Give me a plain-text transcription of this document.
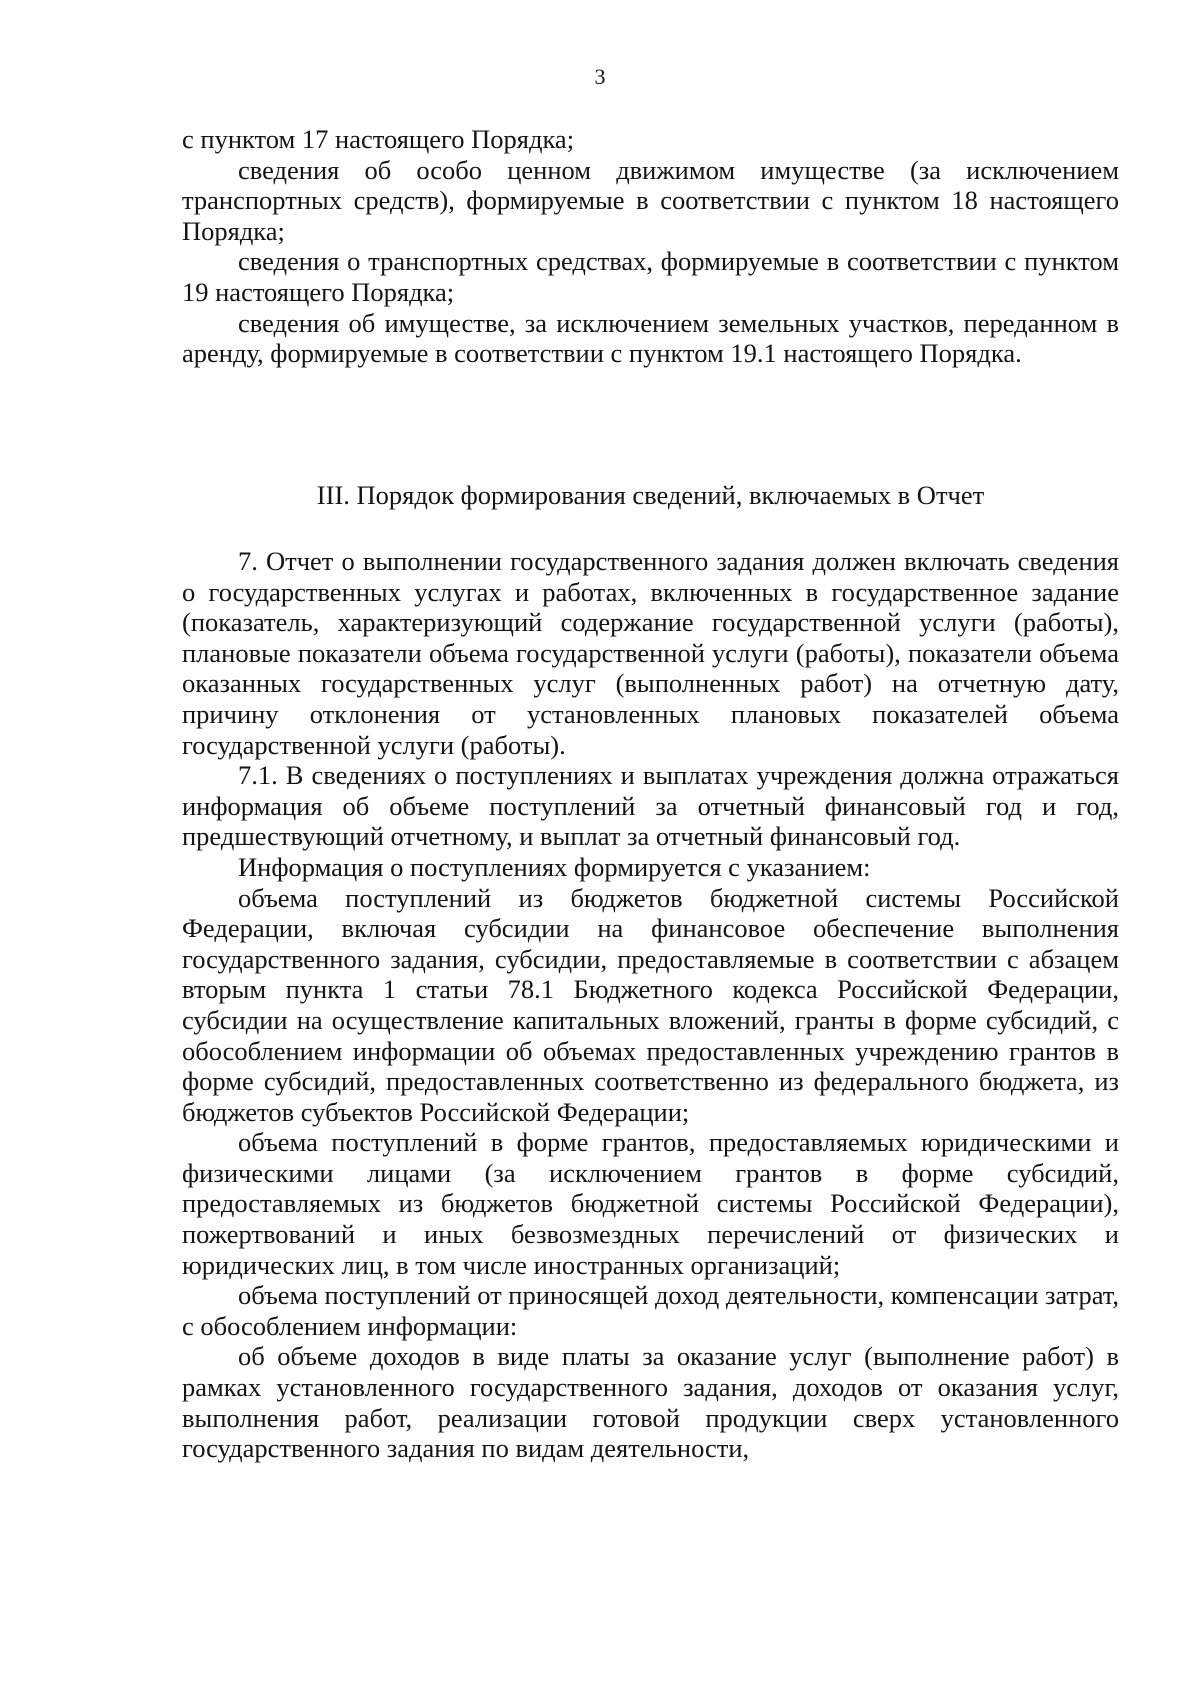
3

с пунктом 17 настоящего Порядка;

сведения об особо ценном движимом имуществе (за исключением транспортных средств), формируемые в соответствии с пунктом 18 настоящего Порядка;

сведения о транспортных средствах, формируемые в соответствии с пунктом 19 настоящего Порядка;

сведения об имуществе, за исключением земельных участков, переданном в аренду, формируемые в соответствии с пунктом 19.1 настоящего Порядка.

III. Порядок формирования сведений, включаемых в Отчет

7. Отчет о выполнении государственного задания должен включать сведения о государственных услугах и работах, включенных в государственное задание (показатель, характеризующий содержание государственной услуги (работы), плановые показатели объема государственной услуги (работы), показатели объема оказанных государственных услуг (выполненных работ) на отчетную дату, причину отклонения от установленных плановых показателей объема государственной услуги (работы).

7.1. В сведениях о поступлениях и выплатах учреждения должна отражаться информация об объеме поступлений за отчетный финансовый год и год, предшествующий отчетному, и выплат за отчетный финансовый год.

Информация о поступлениях формируется с указанием:

объема поступлений из бюджетов бюджетной системы Российской Федерации, включая субсидии на финансовое обеспечение выполнения государственного задания, субсидии, предоставляемые в соответствии с абзацем вторым пункта 1 статьи 78.1 Бюджетного кодекса Российской Федерации, субсидии на осуществление капитальных вложений, гранты в форме субсидий, с обособлением информации об объемах предоставленных учреждению грантов в форме субсидий, предоставленных соответственно из федерального бюджета, из бюджетов субъектов Российской Федерации;

объема поступлений в форме грантов, предоставляемых юридическими и физическими лицами (за исключением грантов в форме субсидий, предоставляемых из бюджетов бюджетной системы Российской Федерации), пожертвований и иных безвозмездных перечислений от физических и юридических лиц, в том числе иностранных организаций;

объема поступлений от приносящей доход деятельности, компенсации затрат, с обособлением информации:

об объеме доходов в виде платы за оказание услуг (выполнение работ) в рамках установленного государственного задания, доходов от оказания услуг, выполнения работ, реализации готовой продукции сверх установленного государственного задания по видам деятельности,
